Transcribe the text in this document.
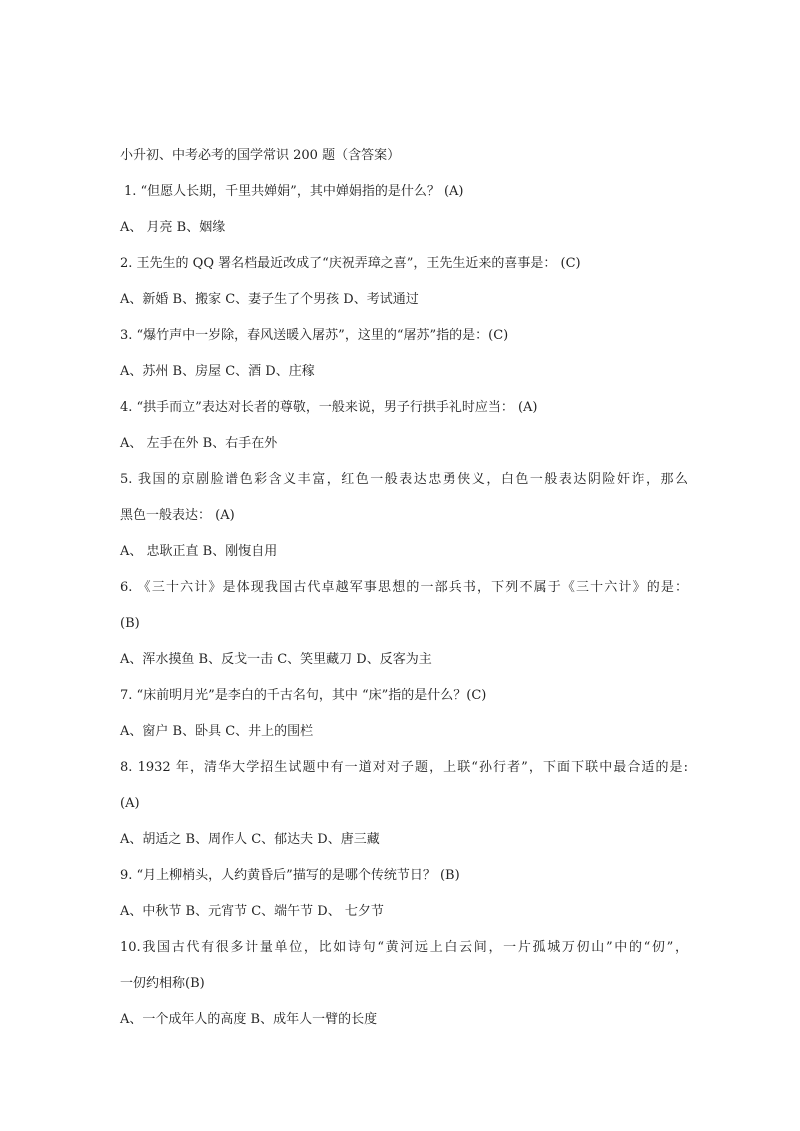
小升初、中考必考的国学常识 200 题（含答案）
1. “但愿人长期，千里共婵娟”，其中婵娟指的是什么？ (A)
A、 月亮 B、姻缘
2. 王先生的 QQ 署名档最近改成了“庆祝弄璋之喜”，王先生近来的喜事是： (C)
A、新婚 B、搬家 C、妻子生了个男孩 D、考试通过
3. “爆竹声中一岁除，春风送暖入屠苏”，这里的“屠苏”指的是：(C)
A、苏州 B、房屋 C、酒 D、庄稼
4. “拱手而立”表达对长者的尊敬，一般来说，男子行拱手礼时应当： (A)
A、 左手在外 B、右手在外
5. 我国的京剧脸谱色彩含义丰富，红色一般表达忠勇侠义，白色一般表达阴险奸诈，那么
黑色一般表达： (A)
A、 忠耿正直 B、刚愎自用
6. 《三十六计》是体现我国古代卓越军事思想的一部兵书，下列不属于《三十六计》的是：
(B)
A、浑水摸鱼 B、反戈一击 C、笑里藏刀 D、反客为主
7. “床前明月光”是李白的千古名句，其中 “床”指的是什么？(C)
A、窗户 B、卧具 C、井上的围栏
8. 1932 年，清华大学招生试题中有一道对对子题，上联“孙行者”，下面下联中最合适的是:
(A)
A、胡适之 B、周作人 C、郁达夫 D、唐三藏
9. “月上柳梢头，人约黄昏后”描写的是哪个传统节日？ (B)
A、中秋节 B、元宵节 C、端午节 D、 七夕节
10.我国古代有很多计量单位，比如诗句“黄河远上白云间，一片孤城万仞山”中的“仞”，
一仞约相称(B)
A、一个成年人的高度 B、成年人一臂的长度
